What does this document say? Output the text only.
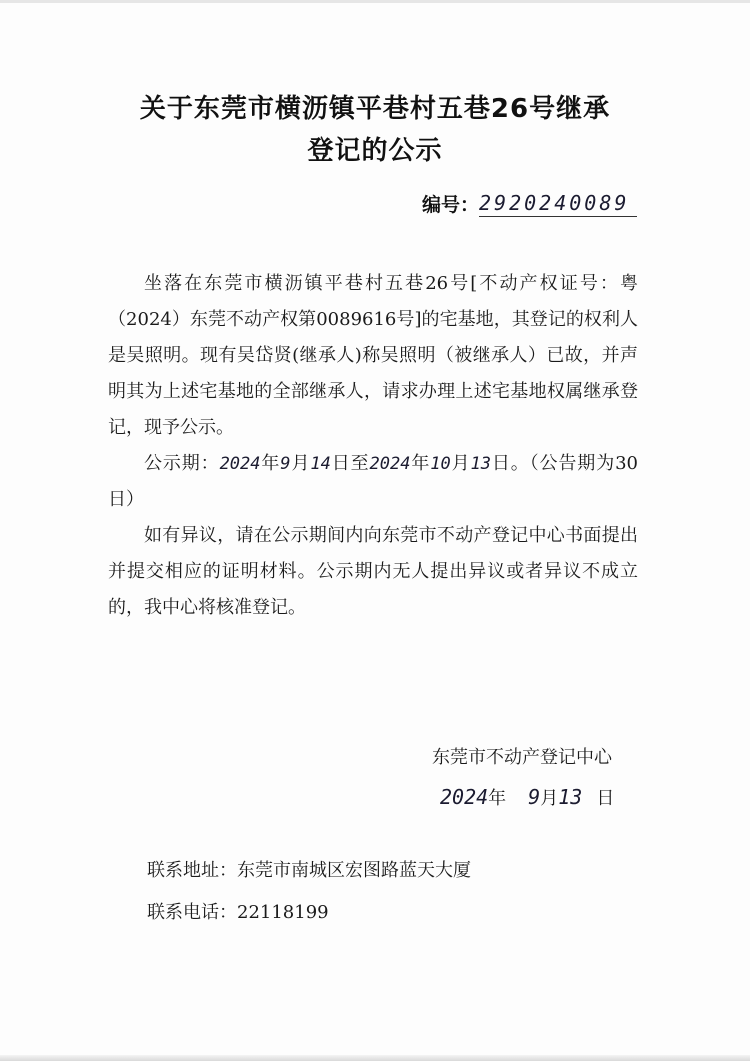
关于东莞市横沥镇平巷村五巷26号继承
登记的公示
编号：2920240089

坐落在东莞市横沥镇平巷村五巷26号[不动产权证号：粤（2024）东莞不动产权第0089616号]的宅基地，其登记的权利人是吴照明。现有吴岱贤(继承人)称吴照明（被继承人）已故，并声明其为上述宅基地的全部继承人，请求办理上述宅基地权属继承登记，现予公示。

公示期：2024年9月14日至2024年10月13日。（公告期为30日）

如有异议，请在公示期间内向东莞市不动产登记中心书面提出并提交相应的证明材料。公示期内无人提出异议或者异议不成立的，我中心将核准登记。

东莞市不动产登记中心
2024年 9月13 日
联系地址：东莞市南城区宏图路蓝天大厦
联系电话：22118199
